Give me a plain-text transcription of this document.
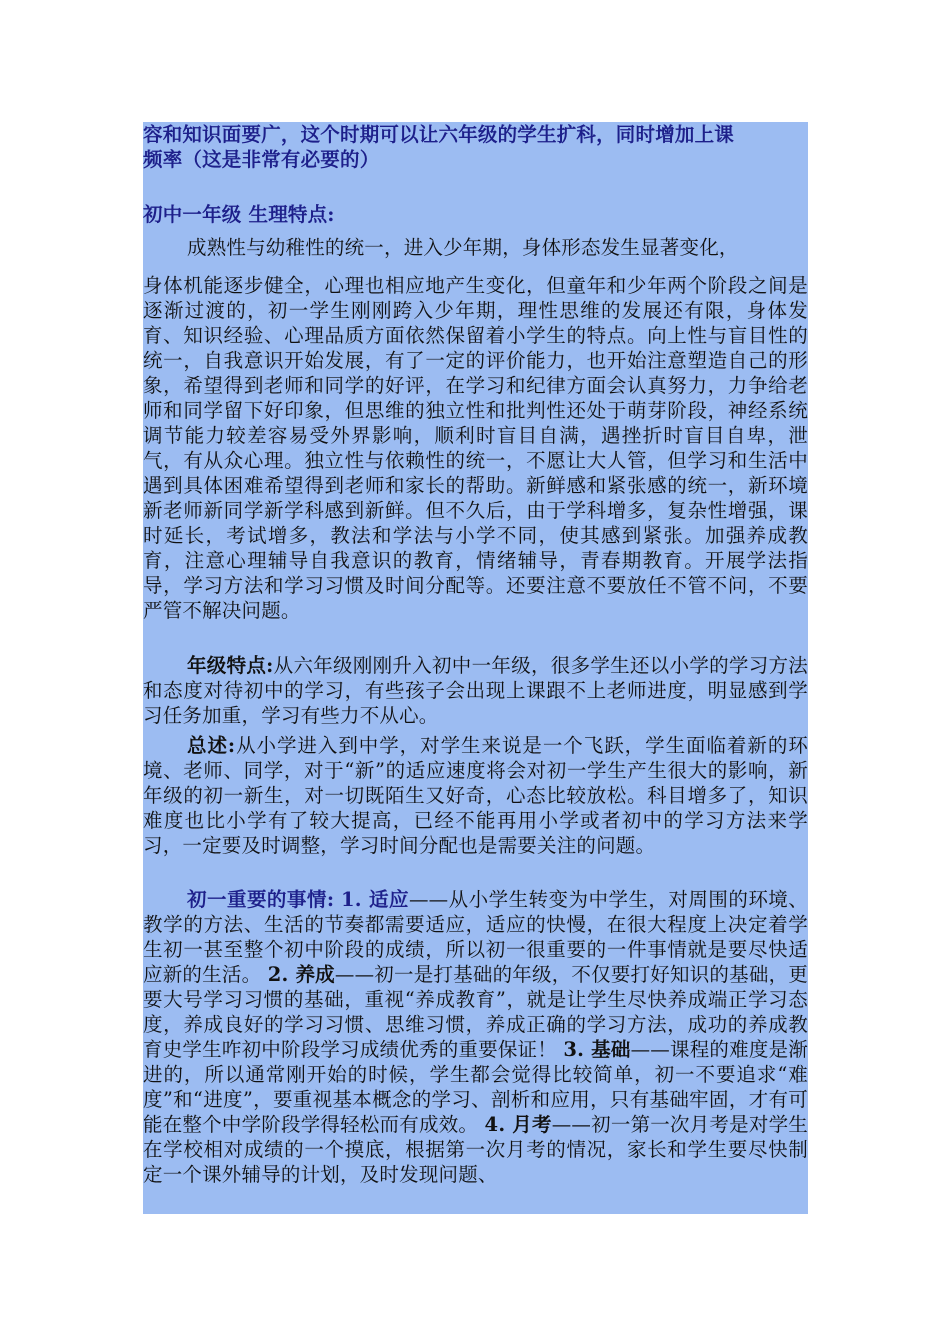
容和知识面要广，这个时期可以让六年级的学生扩科，同时增加上课
频率（这是非常有必要的）

初中一年级 生理特点:

成熟性与幼稚性的统一，进入少年期，身体形态发生显著变化，

身体机能逐步健全，心理也相应地产生变化，但童年和少年两个阶段之间是逐渐过渡的，初一学生刚刚跨入少年期，理性思维的发展还有限，身体发育、知识经验、心理品质方面依然保留着小学生的特点。向上性与盲目性的统一，自我意识开始发展，有了一定的评价能力，也开始注意塑造自己的形象，希望得到老师和同学的好评，在学习和纪律方面会认真努力，力争给老师和同学留下好印象，但思维的独立性和批判性还处于萌芽阶段，神经系统调节能力较差容易受外界影响，顺利时盲目自满，遇挫折时盲目自卑，泄气，有从众心理。独立性与依赖性的统一，不愿让大人管，但学习和生活中遇到具体困难希望得到老师和家长的帮助。新鲜感和紧张感的统一，新环境新老师新同学新学科感到新鲜。但不久后，由于学科增多，复杂性增强，课时延长，考试增多，教法和学法与小学不同，使其感到紧张。加强养成教育，注意心理辅导自我意识的教育，情绪辅导，青春期教育。开展学法指导，学习方法和学习习惯及时间分配等。还要注意不要放任不管不问，不要严管不解决问题。

年级特点:从六年级刚刚升入初中一年级，很多学生还以小学的学习方法和态度对待初中的学习，有些孩子会出现上课跟不上老师进度，明显感到学习任务加重，学习有些力不从心。

总述:从小学进入到中学，对学生来说是一个飞跃，学生面临着新的环境、老师、同学，对于“新”的适应速度将会对初一学生产生很大的影响，新年级的初一新生，对一切既陌生又好奇，心态比较放松。科目增多了，知识难度也比小学有了较大提高，已经不能再用小学或者初中的学习方法来学习，一定要及时调整，学习时间分配也是需要关注的问题。

初一重要的事情: 1. 适应——从小学生转变为中学生，对周围的环境、教学的方法、生活的节奏都需要适应，适应的快慢，在很大程度上决定着学生初一甚至整个初中阶段的成绩，所以初一很重要的一件事情就是要尽快适应新的生活。 2. 养成——初一是打基础的年级，不仅要打好知识的基础，更要大号学习习惯的基础，重视“养成教育”，就是让学生尽快养成端正学习态度，养成良好的学习习惯、思维习惯，养成正确的学习方法，成功的养成教育史学生咋初中阶段学习成绩优秀的重要保证！ 3. 基础——课程的难度是渐进的，所以通常刚开始的时候，学生都会觉得比较简单，初一不要追求“难度”和“进度”，要重视基本概念的学习、剖析和应用，只有基础牢固，才有可能在整个中学阶段学得轻松而有成效。 4. 月考——初一第一次月考是对学生在学校相对成绩的一个摸底，根据第一次月考的情况，家长和学生要尽快制定一个课外辅导的计划，及时发现问题、
